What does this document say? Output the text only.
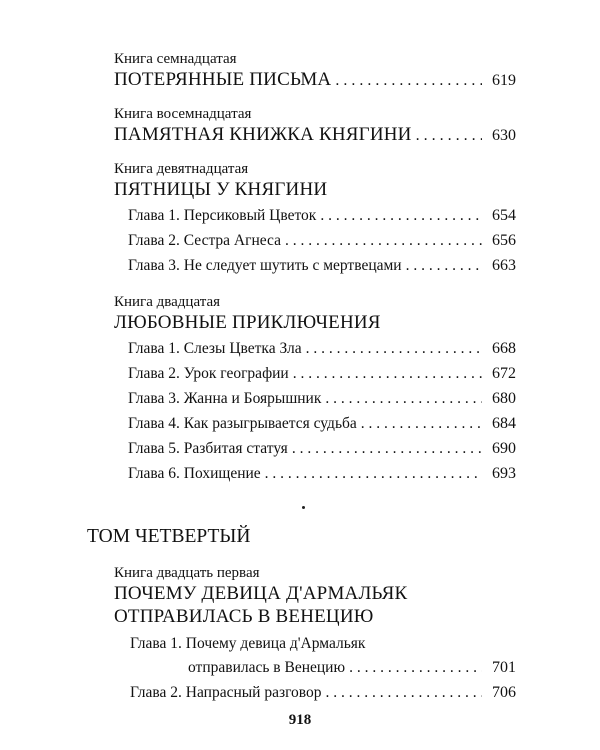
Книга семнадцатая
ПОТЕРЯННЫЕ ПИСЬМА . . .	619
Книга восемнадцатая
ПАМЯТНАЯ КНИЖКА КНЯГИНИ . . .	630
Книга девятнадцатая
ПЯТНИЦЫ У КНЯГИНИ
Глава 1. Персиковый Цветок . . .	654
Глава 2. Сестра Агнеса . . .	656
Глава 3. Не следует шутить с мертвецами . . .	663
Книга двадцатая
ЛЮБОВНЫЕ ПРИКЛЮЧЕНИЯ
Глава 1. Слезы Цветка Зла . . .	668
Глава 2. Урок географии . . .	672
Глава 3. Жанна и Боярышник . . .	680
Глава 4. Как разыгрывается судьба . . .	684
Глава 5. Разбитая статуя . . .	690
Глава 6. Похищение . . .	693
ТОМ ЧЕТВЕРТЫЙ
Книга двадцать первая
ПОЧЕМУ ДЕВИЦА Д'АРМАЛЬЯК
ОТПРАВИЛАСЬ В ВЕНЕЦИЮ
Глава 1. Почему девица д'Армальяк
отправилась в Венецию . . .	701
Глава 2. Напрасный разговор . . .	706
918
